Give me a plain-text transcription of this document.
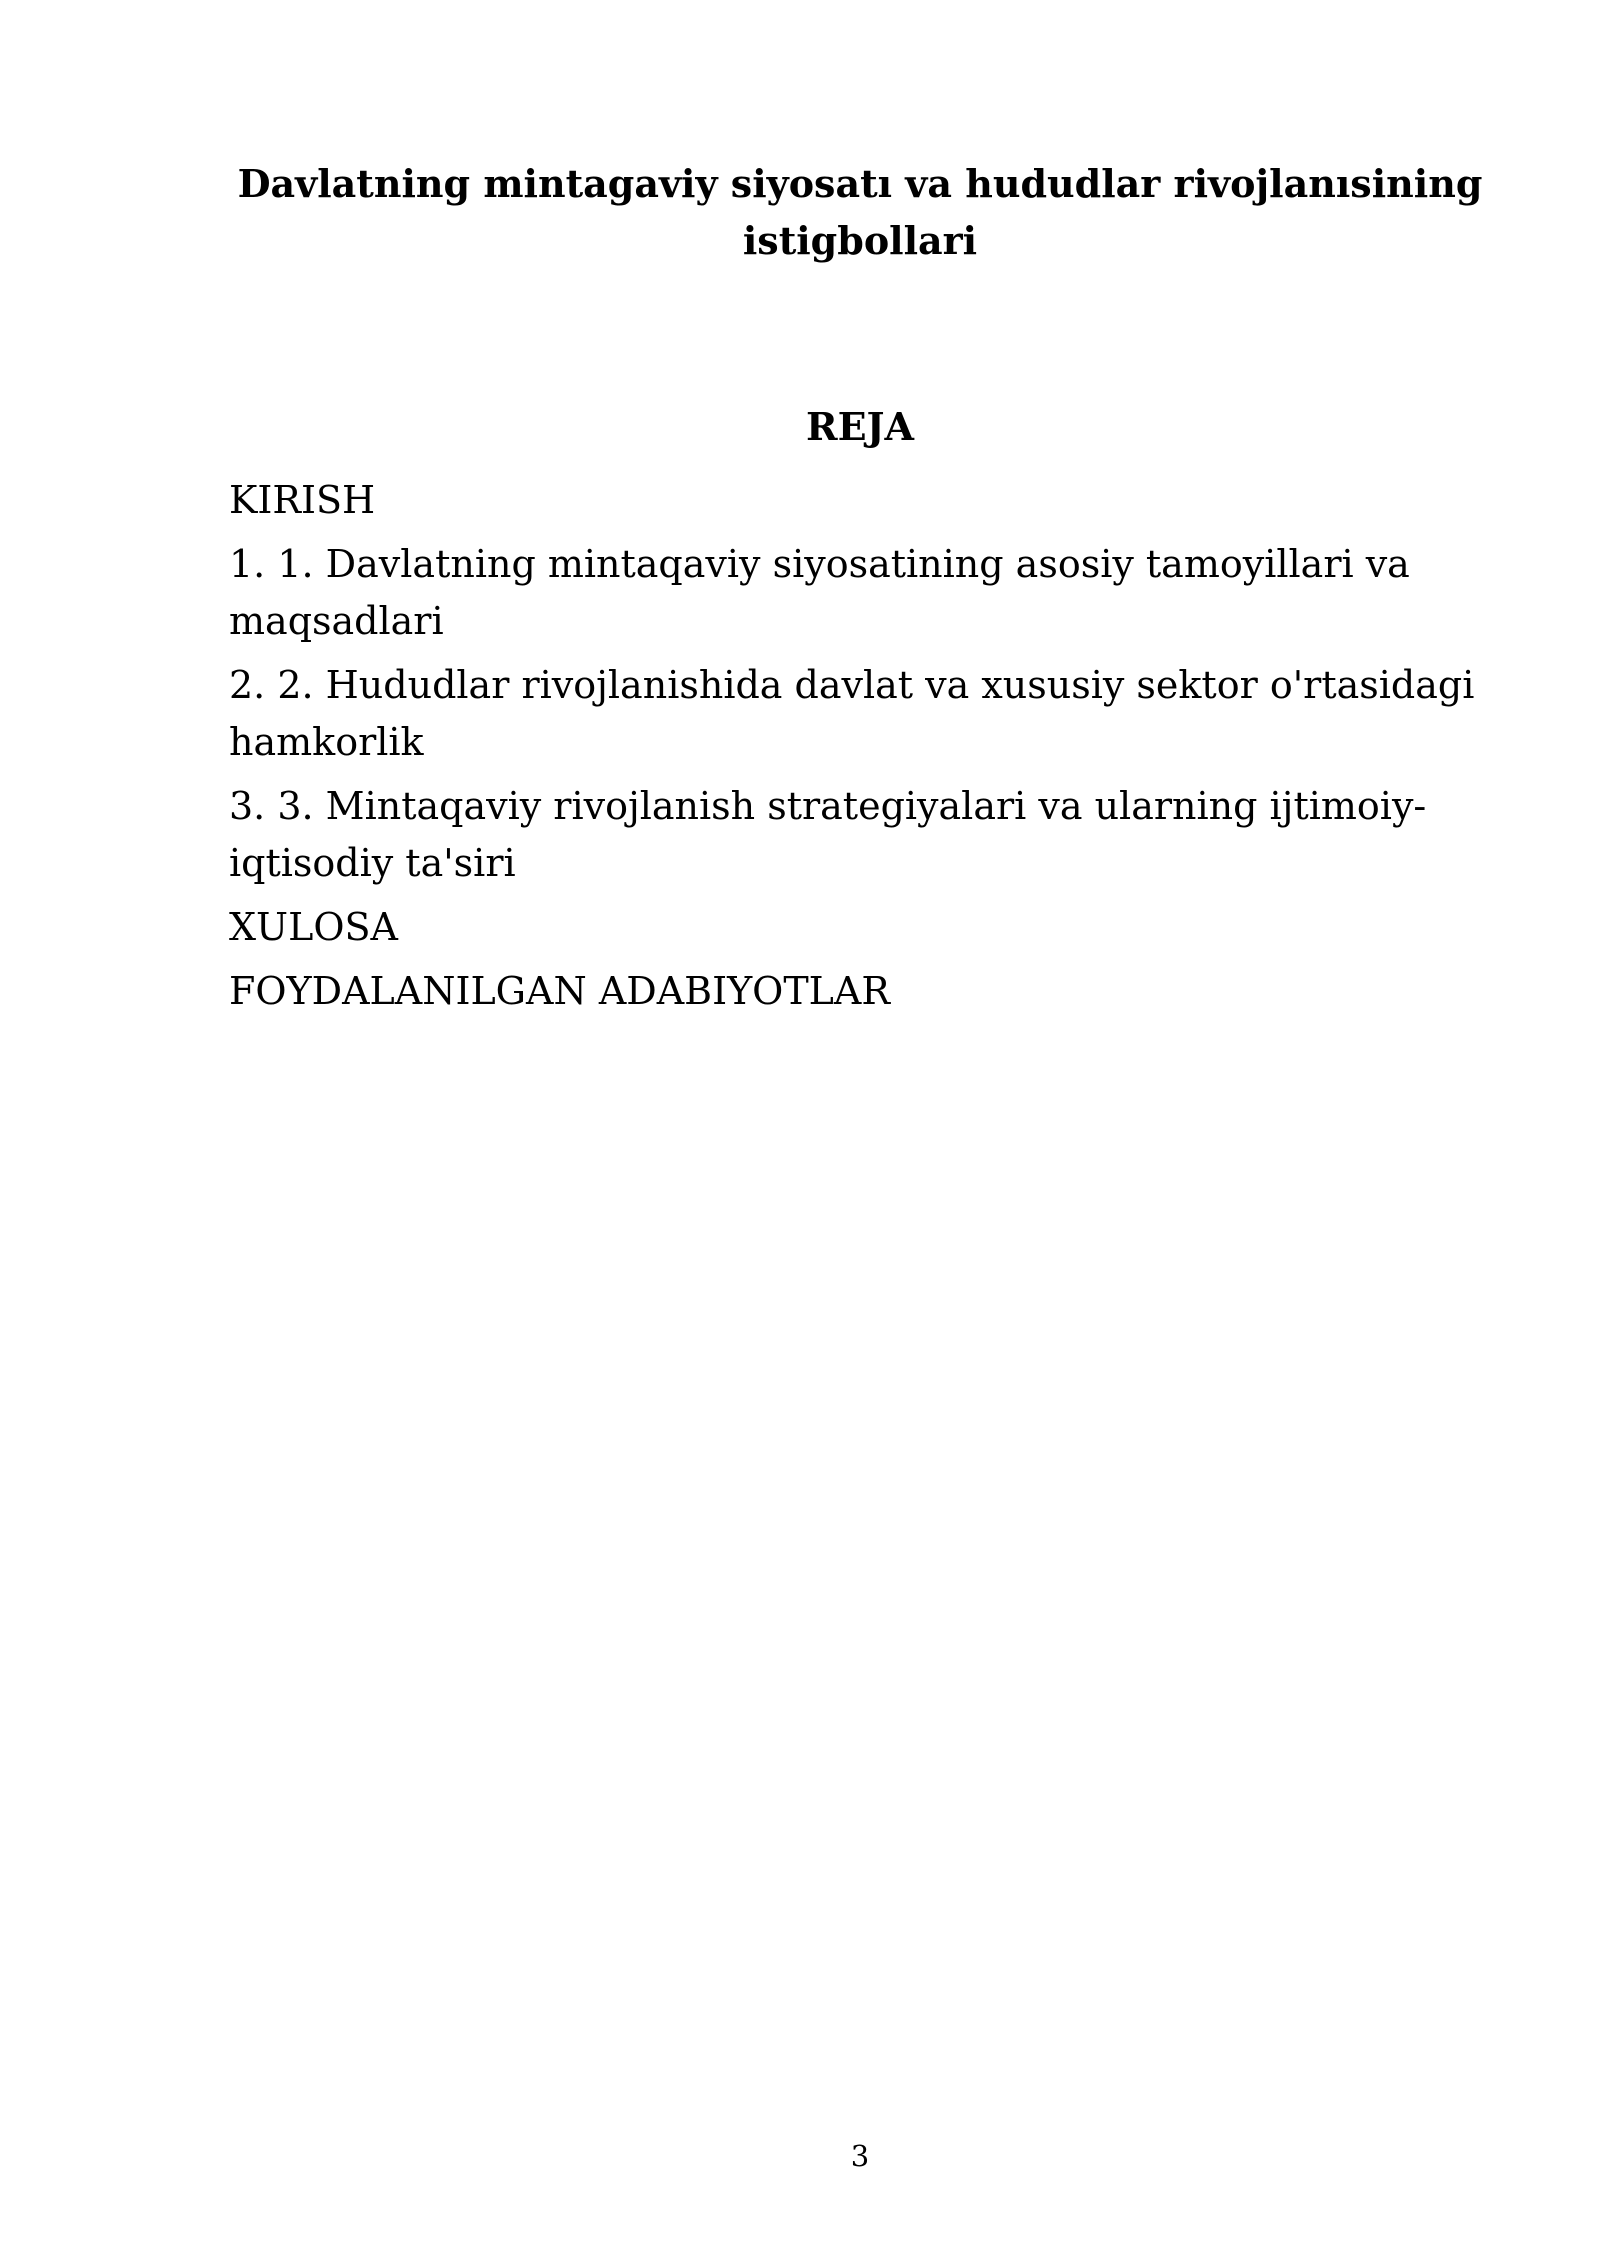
Davlatning mintagaviy siyosatı va hududlar rivojlanısining istigbollari
REJA
KIRISH
1. 1. Davlatning mintaqaviy siyosatining asosiy tamoyillari va maqsadlari
2. 2. Hududlar rivojlanishida davlat va xususiy sektor o'rtasidagi hamkorlik
3. 3. Mintaqaviy rivojlanish strategiyalari va ularning ijtimoiy-iqtisodiy ta'siri
XULOSA
FOYDALANILGAN ADABIYOTLAR
3
